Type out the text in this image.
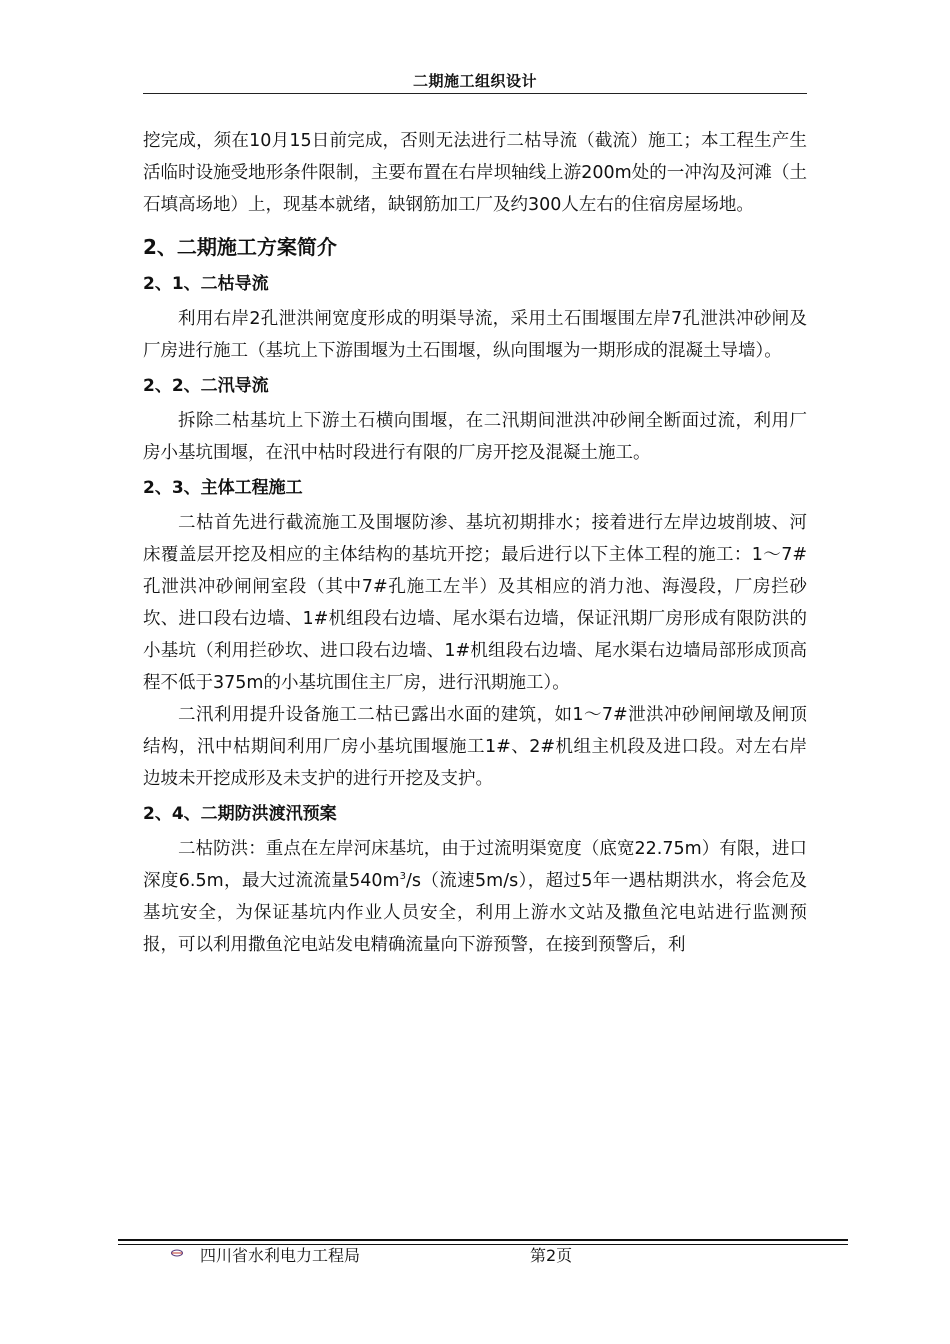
二期施工组织设计

挖完成，须在10月15日前完成，否则无法进行二枯导流（截流）施工；本工程生产生活临时设施受地形条件限制，主要布置在右岸坝轴线上游200m处的一冲沟及河滩（土石填高场地）上，现基本就绪，缺钢筋加工厂及约300人左右的住宿房屋场地。

2、二期施工方案简介
2、1、二枯导流

利用右岸2孔泄洪闸宽度形成的明渠导流，采用土石围堰围左岸7孔泄洪冲砂闸及厂房进行施工（基坑上下游围堰为土石围堰，纵向围堰为一期形成的混凝土导墙）。

2、2、二汛导流

拆除二枯基坑上下游土石横向围堰，在二汛期间泄洪冲砂闸全断面过流，利用厂房小基坑围堰，在汛中枯时段进行有限的厂房开挖及混凝土施工。

2、3、主体工程施工

二枯首先进行截流施工及围堰防渗、基坑初期排水；接着进行左岸边坡削坡、河床覆盖层开挖及相应的主体结构的基坑开挖；最后进行以下主体工程的施工：1～7#孔泄洪冲砂闸闸室段（其中7#孔施工左半）及其相应的消力池、海漫段，厂房拦砂坎、进口段右边墙、1#机组段右边墙、尾水渠右边墙，保证汛期厂房形成有限防洪的小基坑（利用拦砂坎、进口段右边墙、1#机组段右边墙、尾水渠右边墙局部形成顶高程不低于375m的小基坑围住主厂房，进行汛期施工）。

二汛利用提升设备施工二枯已露出水面的建筑，如1～7#泄洪冲砂闸闸墩及闸顶结构，汛中枯期间利用厂房小基坑围堰施工1#、2#机组主机段及进口段。对左右岸边坡未开挖成形及未支护的进行开挖及支护。

2、4、二期防洪渡汛预案

二枯防洪：重点在左岸河床基坑，由于过流明渠宽度（底宽22.75m）有限，进口深度6.5m，最大过流流量$540m^3/s$（流速5m/s），超过5年一遇枯期洪水，将会危及基坑安全，为保证基坑内作业人员安全，利用上游水文站及撒鱼沱电站进行监测预报，可以利用撒鱼沱电站发电精确流量向下游预警，在接到预警后，利

四川省水利电力工程局	第2页
